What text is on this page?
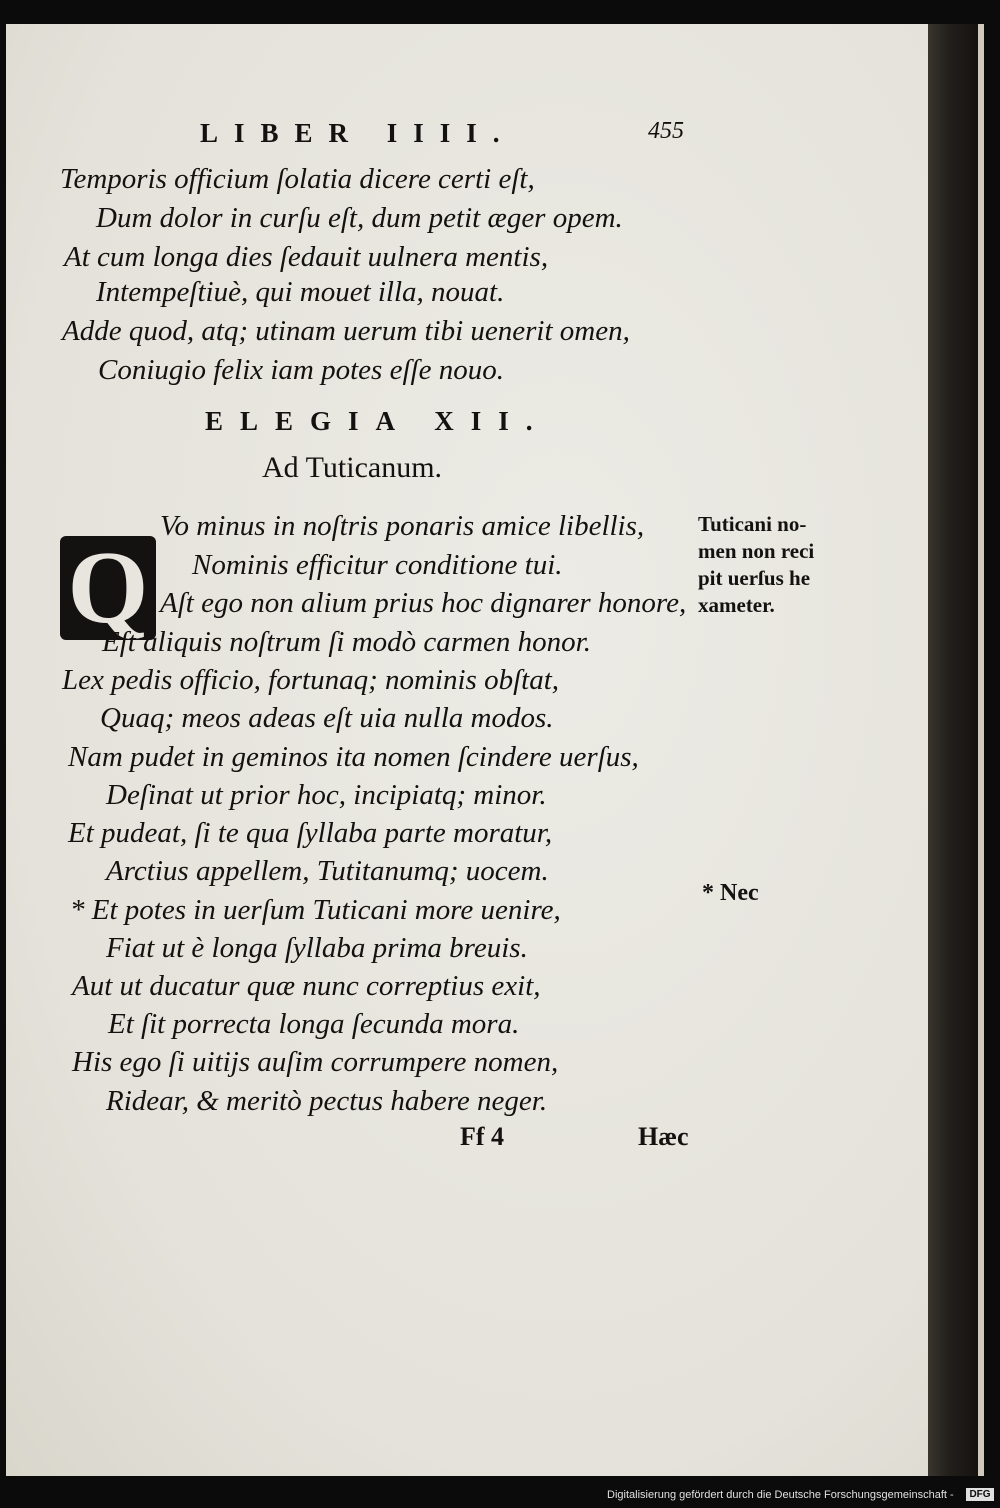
LIBER IIII.	455
Temporis officium ſolatia dicere certi eſt,
Dum dolor in curſu eſt, dum petit æger opem.
At cum longa dies ſedauit uulnera mentis,
Intempeſtiuè, qui mouet illa, nouat.
Adde quod, atq; utinam uerum tibi uenerit omen,
Coniugio felix iam potes eſſe nouo.
ELEGIA XII.
Ad Tuticanum.
Q
Vo minus in noſtris ponaris amice libellis,
Nominis efficitur conditione tui.
Aſt ego non alium prius hoc dignarer honore,
Eſt aliquis noſtrum ſi modò carmen honor.
Lex pedis officio, fortunaq; nominis obſtat,
Quaq; meos adeas eſt uia nulla modos.
Nam pudet in geminos ita nomen ſcindere uerſus,
Deſinat ut prior hoc, incipiatq; minor.
Et pudeat, ſi te qua ſyllaba parte moratur,
Arctius appellem, Tutitanumq; uocem.
* Et potes in uerſum Tuticani more uenire,
Fiat ut è longa ſyllaba prima breuis.
Aut ut ducatur quæ nunc correptius exit,
Et ſit porrecta longa ſecunda mora.
His ego ſi uitijs auſim corrumpere nomen,
Ridear, & meritò pectus habere neger.
Tuticani no-
men non reci
pit uerſus he
xameter.
* Nec
Ff 4	Hæc
Digitalisierung gefördert durch die Deutsche Forschungsgemeinschaft -	DFG
